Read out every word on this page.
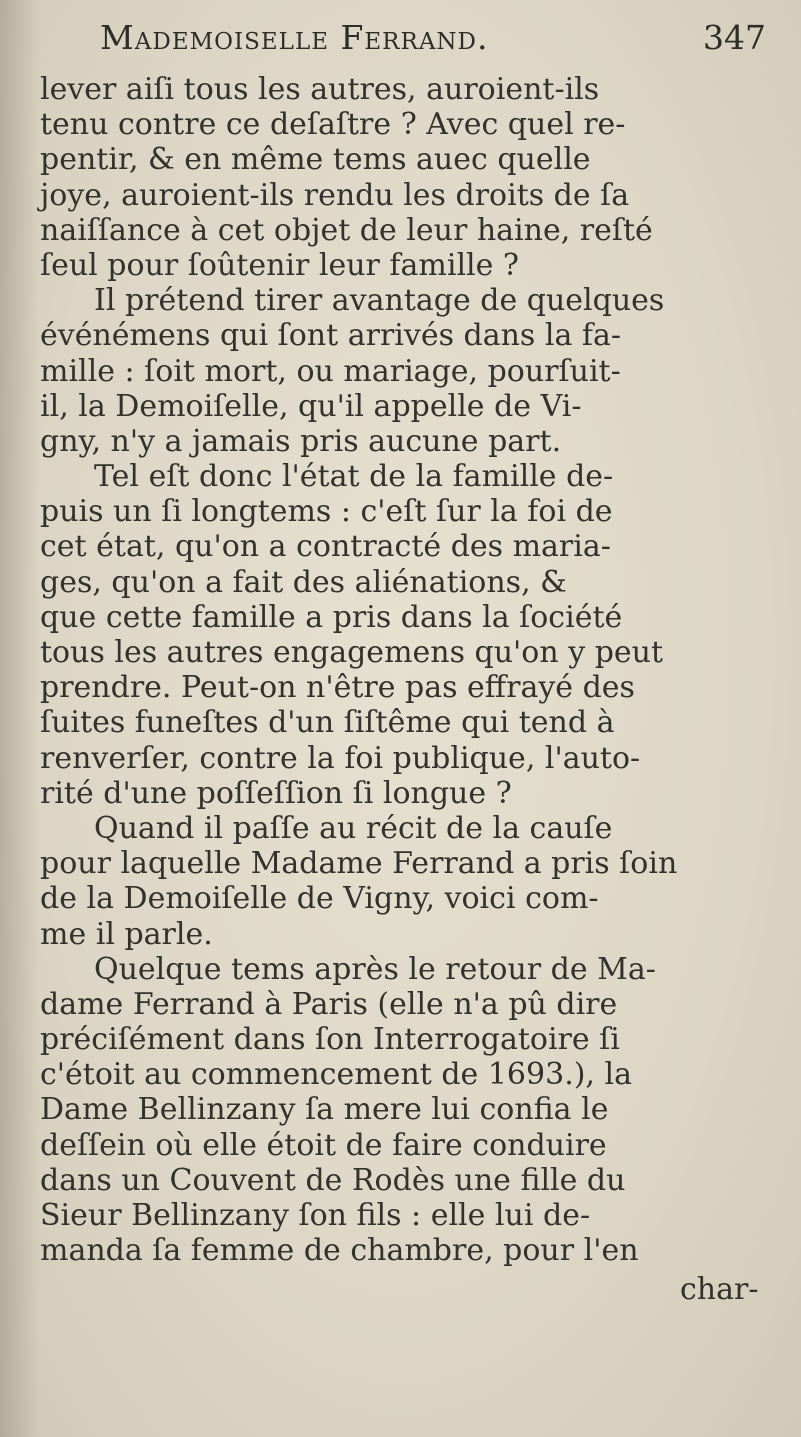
Mademoiselle Ferrand.	347
lever aiſi tous les autres, auroient-ils
tenu contre ce deſaſtre ? Avec quel re-
pentir, & en même tems auec quelle
joye, auroient-ils rendu les droits de ſa
naiſſance à cet objet de leur haine, reſté
ſeul pour ſoûtenir leur famille ?
Il prétend tirer avantage de quelques
événémens qui ſont arrivés dans la fa-
mille : ſoit mort, ou mariage, pourſuit-
il, la Demoiſelle, qu'il appelle de Vi-
gny, n'y a jamais pris aucune part.
Tel eſt donc l'état de la famille de-
puis un ſi longtems : c'eſt ſur la foi de
cet état, qu'on a contracté des maria-
ges, qu'on a fait des aliénations, &
que cette famille a pris dans la ſociété
tous les autres engagemens qu'on y peut
prendre. Peut-on n'être pas effrayé des
ſuites funeſtes d'un ſiſtême qui tend à
renverſer, contre la foi publique, l'auto-
rité d'une poſſeſſion ſi longue ?
Quand il paſſe au récit de la cauſe
pour laquelle Madame Ferrand a pris ſoin
de la Demoiſelle de Vigny, voici com-
me il parle.
Quelque tems après le retour de Ma-
dame Ferrand à Paris (elle n'a pû dire
préciſément dans ſon Interrogatoire ſi
c'étoit au commencement de 1693.), la
Dame Bellinzany ſa mere lui confia le
deſſein où elle étoit de faire conduire
dans un Couvent de Rodès une fille du
Sieur Bellinzany ſon fils : elle lui de-
manda ſa femme de chambre, pour l'en
char-
